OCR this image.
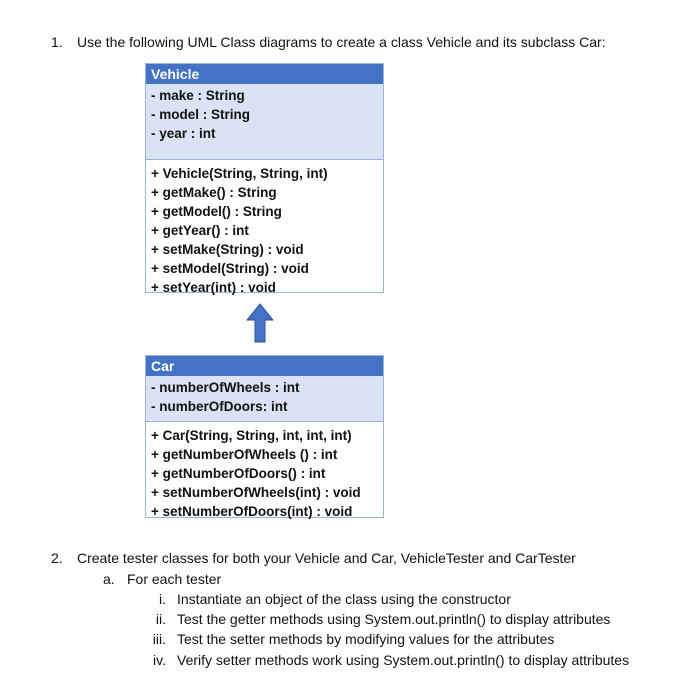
1. Use the following UML Class diagrams to create a class Vehicle and its subclass Car:
Vehicle
- make : String
- model : String
- year : int
+ Vehicle(String, String, int)
+ getMake() : String
+ getModel() : String
+ getYear() : int
+ setMake(String) : void
+ setModel(String) : void
+ setYear(int) : void
Car
- numberOfWheels : int
- numberOfDoors: int
+ Car(String, String, int, int, int)
+ getNumberOfWheels () : int
+ getNumberOfDoors() : int
+ setNumberOfWheels(int) : void
+ setNumberOfDoors(int) : void
2. Create tester classes for both your Vehicle and Car, VehicleTester and CarTester
a. For each tester
i. Instantiate an object of the class using the constructor
ii. Test the getter methods using System.out.println() to display attributes
iii. Test the setter methods by modifying values for the attributes
iv. Verify setter methods work using System.out.println() to display attributes
